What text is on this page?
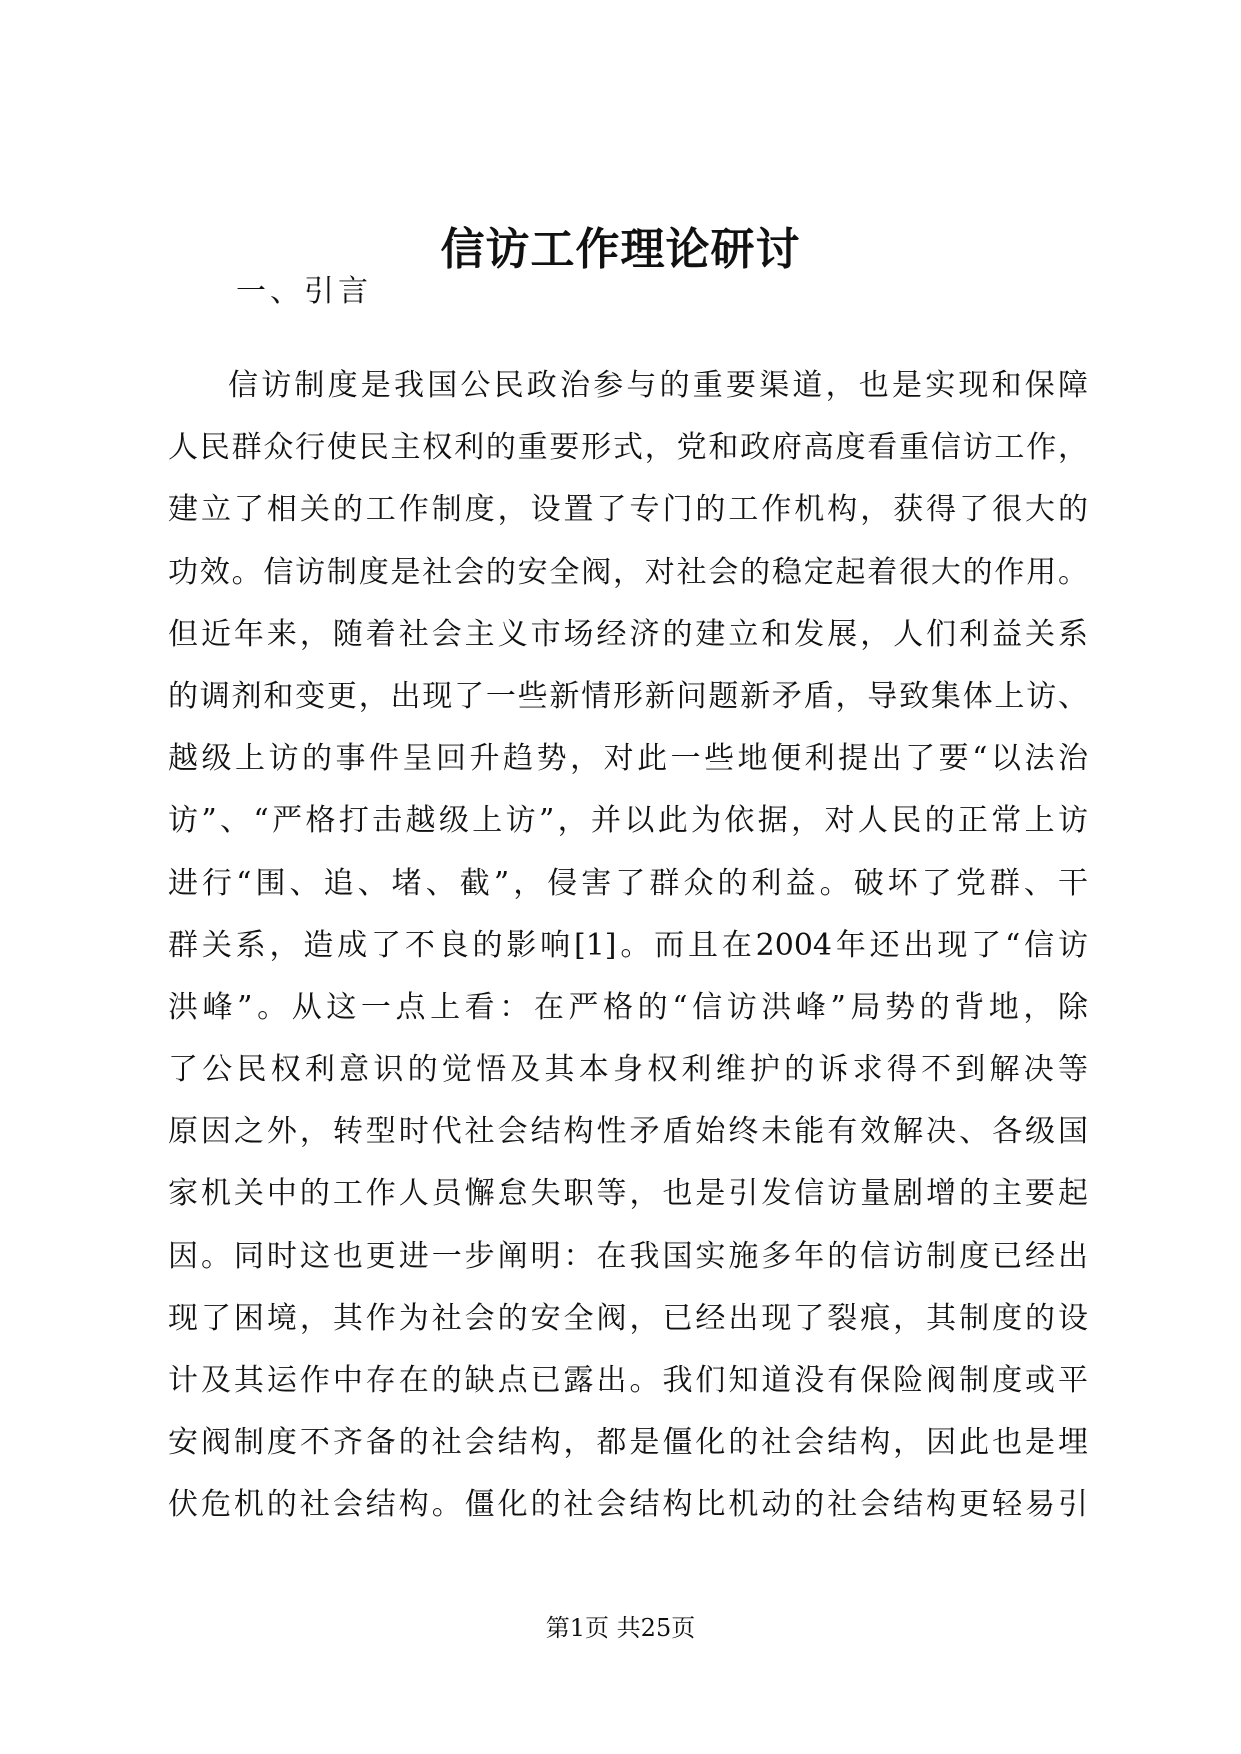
信访工作理论研讨

一、引言

信访制度是我国公民政治参与的重要渠道，也是实现和保障
人民群众行使民主权利的重要形式，党和政府高度看重信访工作，
建立了相关的工作制度，设置了专门的工作机构，获得了很大的
功效。信访制度是社会的安全阀，对社会的稳定起着很大的作用。
但近年来，随着社会主义市场经济的建立和发展，人们利益关系
的调剂和变更，出现了一些新情形新问题新矛盾，导致集体上访、
越级上访的事件呈回升趋势，对此一些地便利提出了要“以法治
访”、“严格打击越级上访”，并以此为依据，对人民的正常上访
进行“围、追、堵、截”，侵害了群众的利益。破坏了党群、干
群关系，造成了不良的影响[1]。而且在2004年还出现了“信访
洪峰”。从这一点上看：在严格的“信访洪峰”局势的背地，除
了公民权利意识的觉悟及其本身权利维护的诉求得不到解决等
原因之外，转型时代社会结构性矛盾始终未能有效解决、各级国
家机关中的工作人员懈怠失职等，也是引发信访量剧增的主要起
因。同时这也更进一步阐明：在我国实施多年的信访制度已经出
现了困境，其作为社会的安全阀，已经出现了裂痕，其制度的设
计及其运作中存在的缺点已露出。我们知道没有保险阀制度或平
安阀制度不齐备的社会结构，都是僵化的社会结构，因此也是埋
伏危机的社会结构。僵化的社会结构比机动的社会结构更轻易引
第1页 共25页
